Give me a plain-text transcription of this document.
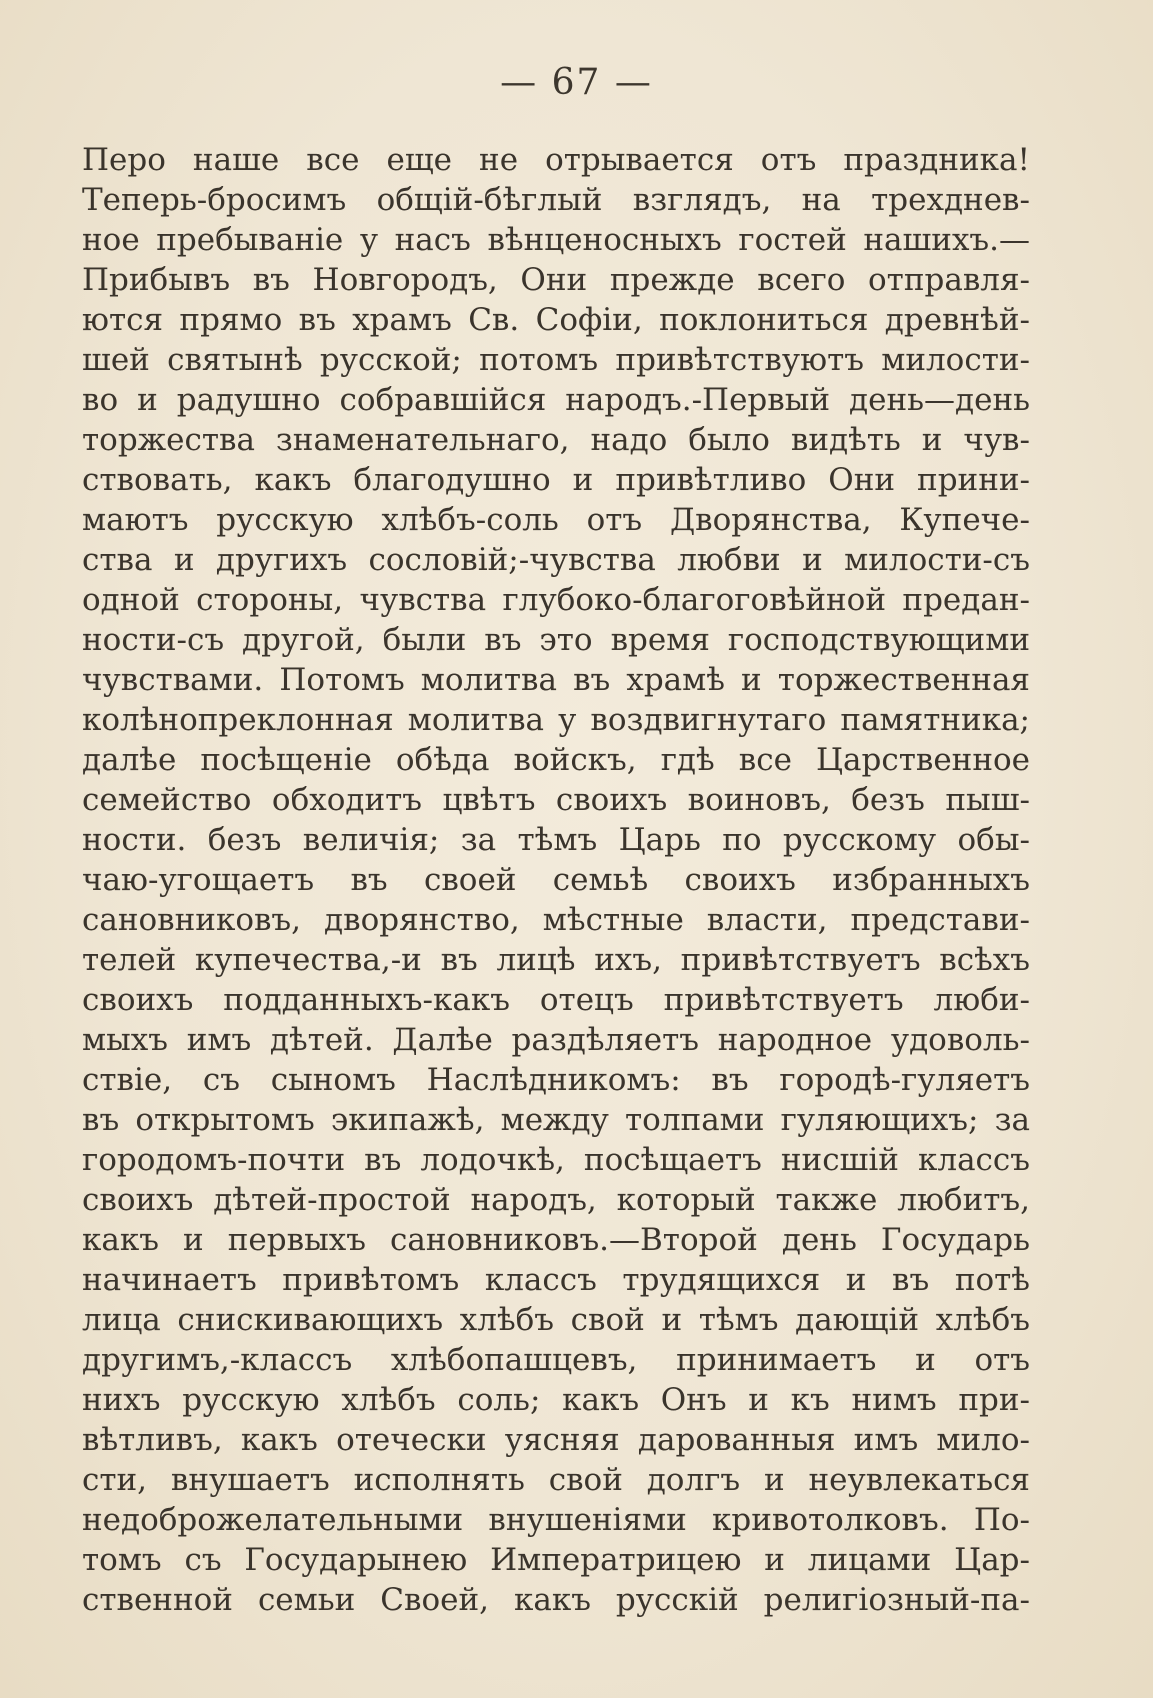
— 67 —
Перо наше все еще не отрывается отъ праздника!
Теперь-бросимъ общій-бѣглый взглядъ, на трехднев-
ное пребываніе у насъ вѣнценосныхъ гостей нашихъ.—
Прибывъ въ Новгородъ, Они прежде всего отправля-
ются прямо въ храмъ Св. Софіи, поклониться древнѣй-
шей святынѣ русской; потомъ привѣтствуютъ милости-
во и радушно собравшійся народъ.-Первый день—день
торжества знаменательнаго, надо было видѣть и чув-
ствовать, какъ благодушно и привѣтливо Они прини-
маютъ русскую хлѣбъ-соль отъ Дворянства, Купече-
ства и другихъ сословій;-чувства любви и милости-съ
одной стороны, чувства глубоко-благоговѣйной предан-
ности-съ другой, были въ это время господствующими
чувствами. Потомъ молитва въ храмѣ и торжественная
колѣнопреклонная молитва у воздвигнутаго памятника;
далѣе посѣщеніе обѣда войскъ, гдѣ все Царственное
семейство обходитъ цвѣтъ своихъ воиновъ, безъ пыш-
ности. безъ величія; за тѣмъ Царь по русскому обы-
чаю-угощаетъ въ своей семьѣ своихъ избранныхъ
сановниковъ, дворянство, мѣстные власти, представи-
телей купечества,-и въ лицѣ ихъ, привѣтствуетъ всѣхъ
своихъ подданныхъ-какъ отецъ привѣтствуетъ люби-
мыхъ имъ дѣтей. Далѣе раздѣляетъ народное удоволь-
ствіе, съ сыномъ Наслѣдникомъ: въ городѣ-гуляетъ
въ открытомъ экипажѣ, между толпами гуляющихъ; за
городомъ-почти въ лодочкѣ, посѣщаетъ нисшій классъ
своихъ дѣтей-простой народъ, который также любитъ,
какъ и первыхъ сановниковъ.—Второй день Государь
начинаетъ привѣтомъ классъ трудящихся и въ потѣ
лица снискивающихъ хлѣбъ свой и тѣмъ дающій хлѣбъ
другимъ,-классъ хлѣбопашцевъ, принимаетъ и отъ
нихъ русскую хлѣбъ соль; какъ Онъ и къ нимъ при-
вѣтливъ, какъ отечески уясняя дарованныя имъ мило-
сти, внушаетъ исполнять свой долгъ и неувлекаться
недоброжелательными внушеніями кривотолковъ. По-
томъ съ Государынею Императрицею и лицами Цар-
ственной семьи Своей, какъ русскій религіозный-па-
